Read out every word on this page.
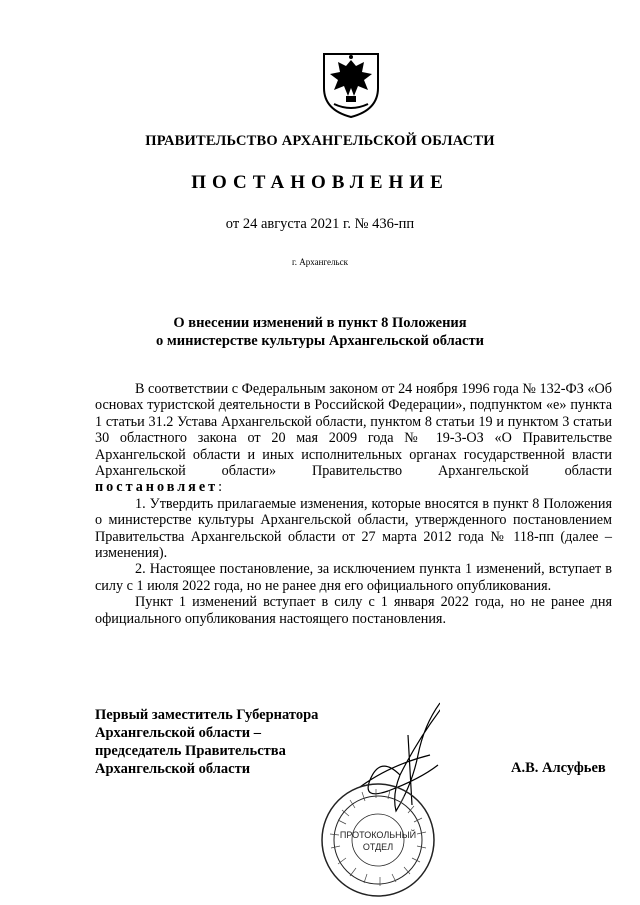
ПРАВИТЕЛЬСТВО АРХАНГЕЛЬСКОЙ ОБЛАСТИ
ПОСТАНОВЛЕНИЕ
от 24 августа 2021 г. № 436-пп
г. Архангельск
О внесении изменений в пункт 8 Положения
о министерстве культуры Архангельской области

В соответствии с Федеральным законом от 24 ноября 1996 года № 132-ФЗ «Об основах туристской деятельности в Российской Федерации», подпунктом «е» пункта 1 статьи 31.2 Устава Архангельской области, пунктом 8 статьи 19 и пунктом 3 статьи 30 областного закона от 20 мая 2009 года № 19-3-ОЗ «О Правительстве Архангельской области и иных исполнительных органах государственной власти Архангельской области» Правительство Архангельской области постановляет:

1. Утвердить прилагаемые изменения, которые вносятся в пункт 8 Положения о министерстве культуры Архангельской области, утвержденного постановлением Правительства Архангельской области от 27 марта 2012 года № 118-пп (далее – изменения).

2. Настоящее постановление, за исключением пункта 1 изменений, вступает в силу с 1 июля 2022 года, но не ранее дня его официального опубликования.

Пункт 1 изменений вступает в силу с 1 января 2022 года, но не ранее дня официального опубликования настоящего постановления.

Первый заместитель Губернатора
Архангельской области –
председатель Правительства
Архангельской области	А.В. Алсуфьев
ПРОТОКОЛЬНЫЙ
ОТДЕЛ
